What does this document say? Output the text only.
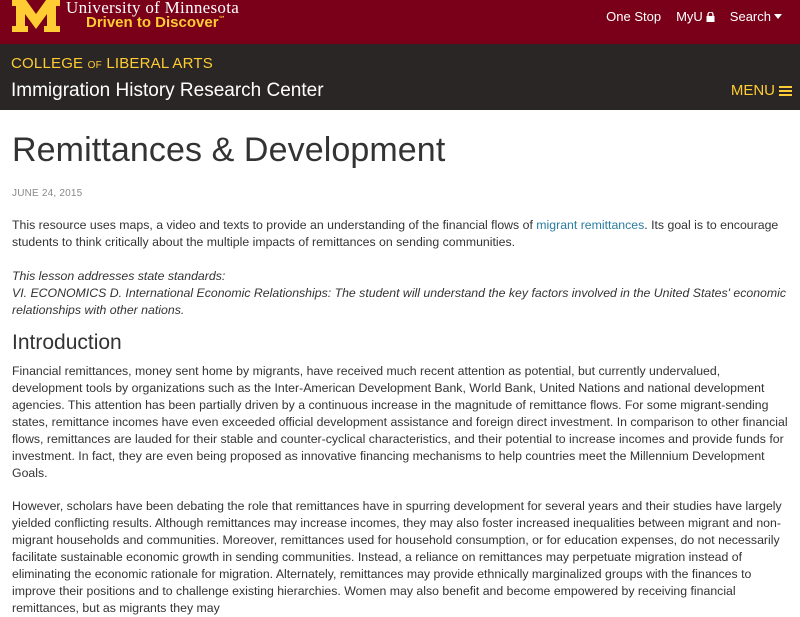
University of Minnesota
Driven to Discover℠	One Stop MyU Search
COLLEGE OF LIBERAL ARTS
Immigration History Research Center	MENU
Remittances & Development
JUNE 24, 2015

This resource uses maps, a video and texts to provide an understanding of the financial flows of migrant remittances. Its goal is to encourage students to think critically about the multiple impacts of remittances on sending communities.

This lesson addresses state standards:
VI. ECONOMICS D. International Economic Relationships: The student will understand the key factors involved in the United States' economic relationships with other nations.

Introduction

Financial remittances, money sent home by migrants, have received much recent attention as potential, but currently undervalued, development tools by organizations such as the Inter-American Development Bank, World Bank, United Nations and national development agencies. This attention has been partially driven by a continuous increase in the magnitude of remittance flows. For some migrant-sending states, remittance incomes have even exceeded official development assistance and foreign direct investment. In comparison to other financial flows, remittances are lauded for their stable and counter-cyclical characteristics, and their potential to increase incomes and provide funds for investment. In fact, they are even being proposed as innovative financing mechanisms to help countries meet the Millennium Development Goals.

However, scholars have been debating the role that remittances have in spurring development for several years and their studies have largely yielded conflicting results. Although remittances may increase incomes, they may also foster increased inequalities between migrant and non-migrant households and communities. Moreover, remittances used for household consumption, or for education expenses, do not necessarily facilitate sustainable economic growth in sending communities. Instead, a reliance on remittances may perpetuate migration instead of eliminating the economic rationale for migration. Alternately, remittances may provide ethnically marginalized groups with the finances to improve their positions and to challenge existing hierarchies. Women may also benefit and become empowered by receiving financial remittances, but as migrants they may
